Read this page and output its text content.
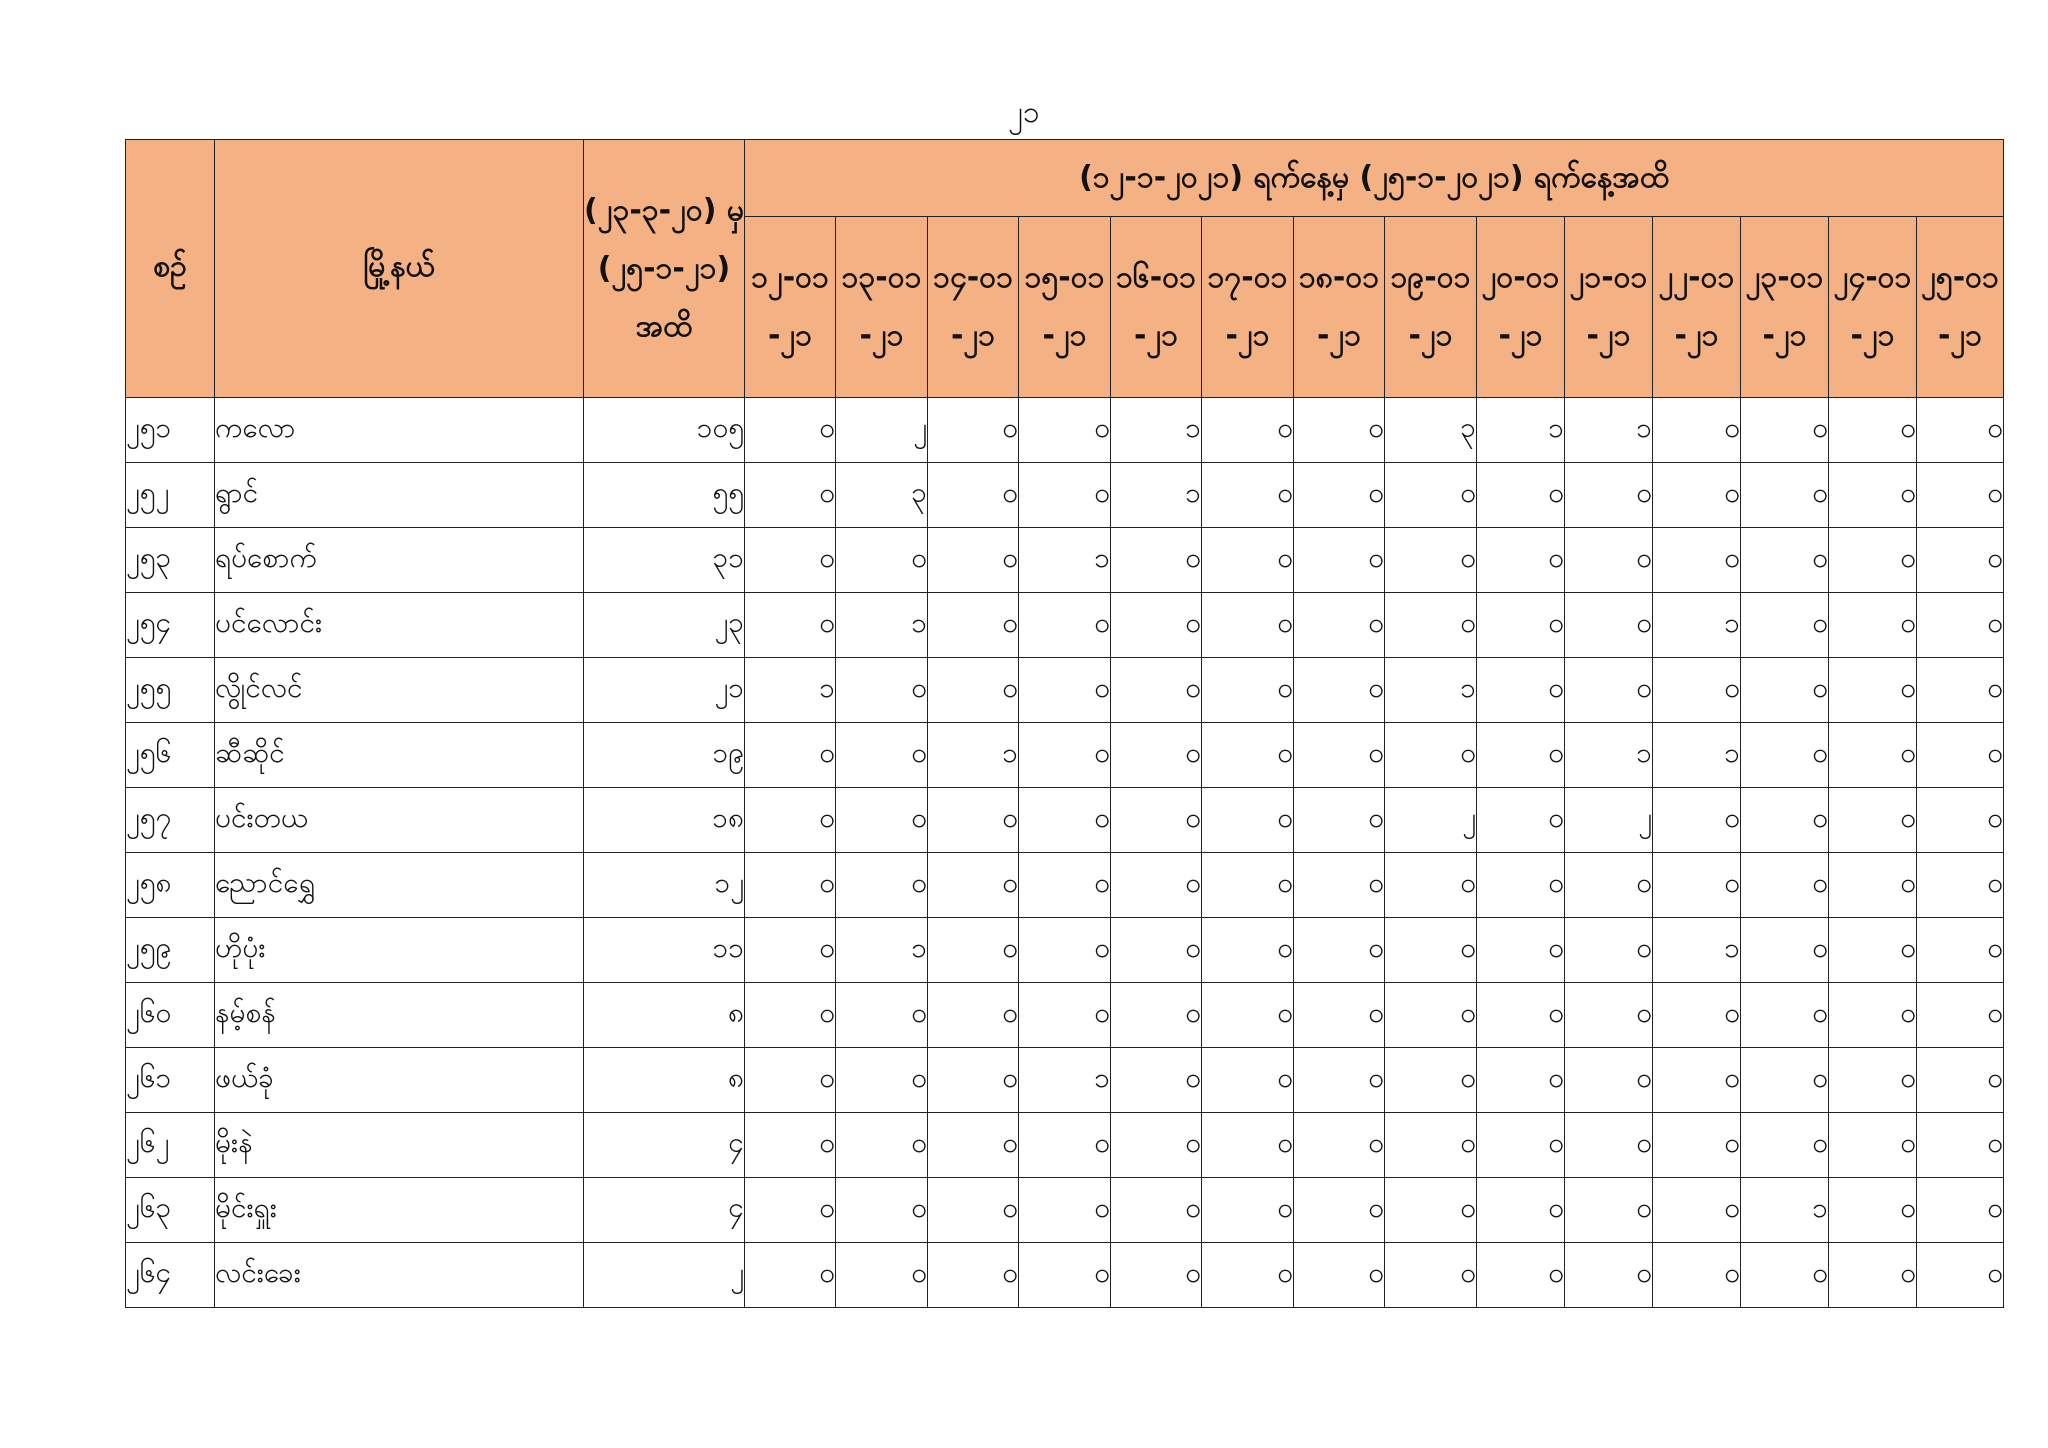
၂၁
စဉ်	မြို့နယ်	(၂၃-၃-၂၀) မှ (၂၅-၁-၂၁) အထိ	(၁၂-၁-၂၀၂၁) ရက်နေ့မှ (၂၅-၁-၂၀၂၁) ရက်နေ့အထိ													
			၁၂-၀၁-၂၁	၁၃-၀၁-၂၁	၁၄-၀၁-၂၁	၁၅-၀၁-၂၁	၁၆-၀၁-၂၁	၁၇-၀၁-၂၁	၁၈-၀၁-၂၁	၁၉-၀၁-၂၁	၂၀-၀၁-၂၁	၂၁-၀၁-၂၁	၂၂-၀၁-၂၁	၂၃-၀၁-၂၁	၂၄-၀၁-၂၁	၂၅-၀၁-၂၁
၂၅၁	ကလော	၁၀၅	၀	၂	၀	၀	၁	၀	၀	၃	၁	၁	၀	၀	၀	၀
၂၅၂	ရွာင်	၅၅	၀	၃	၀	၀	၁	၀	၀	၀	၀	၀	၀	၀	၀	၀
၂၅၃	ရပ်စောက်	၃၁	၀	၀	၀	၁	၀	၀	၀	၀	၀	၀	၀	၀	၀	၀
၂၅၄	ပင်လောင်း	၂၃	၀	၁	၀	၀	၀	၀	၀	၀	၀	၀	၁	၀	၀	၀
၂၅၅	လွိုင်လင်	၂၁	၁	၀	၀	၀	၀	၀	၀	၁	၀	၀	၀	၀	၀	၀
၂၅၆	ဆီဆိုင်	၁၉	၀	၀	၁	၀	၀	၀	၀	၀	၀	၁	၁	၀	၀	၀
၂၅၇	ပင်းတယ	၁၈	၀	၀	၀	၀	၀	၀	၀	၂	၀	၂	၀	၀	၀	၀
၂၅၈	ညောင်ရွှေ	၁၂	၀	၀	၀	၀	၀	၀	၀	၀	၀	၀	၀	၀	၀	၀
၂၅၉	ဟိုပုံး	၁၁	၀	၁	၀	၀	၀	၀	၀	၀	၀	၀	၁	၀	၀	၀
၂၆၀	နမ့်စန်	၈	၀	၀	၀	၀	၀	၀	၀	၀	၀	၀	၀	၀	၀	၀
၂၆၁	ဖယ်ခုံ	၈	၀	၀	၀	၁	၀	၀	၀	၀	၀	၀	၀	၀	၀	၀
၂၆၂	မိုးနဲ	၄	၀	၀	၀	၀	၀	၀	၀	၀	၀	၀	၀	၀	၀	၀
၂၆၃	မိုင်းရှူး	၄	၀	၀	၀	၀	၀	၀	၀	၀	၀	၀	၀	၁	၀	၀
၂၆၄	လင်းခေး	၂	၀	၀	၀	၀	၀	၀	၀	၀	၀	၀	၀	၀	၀	၀
